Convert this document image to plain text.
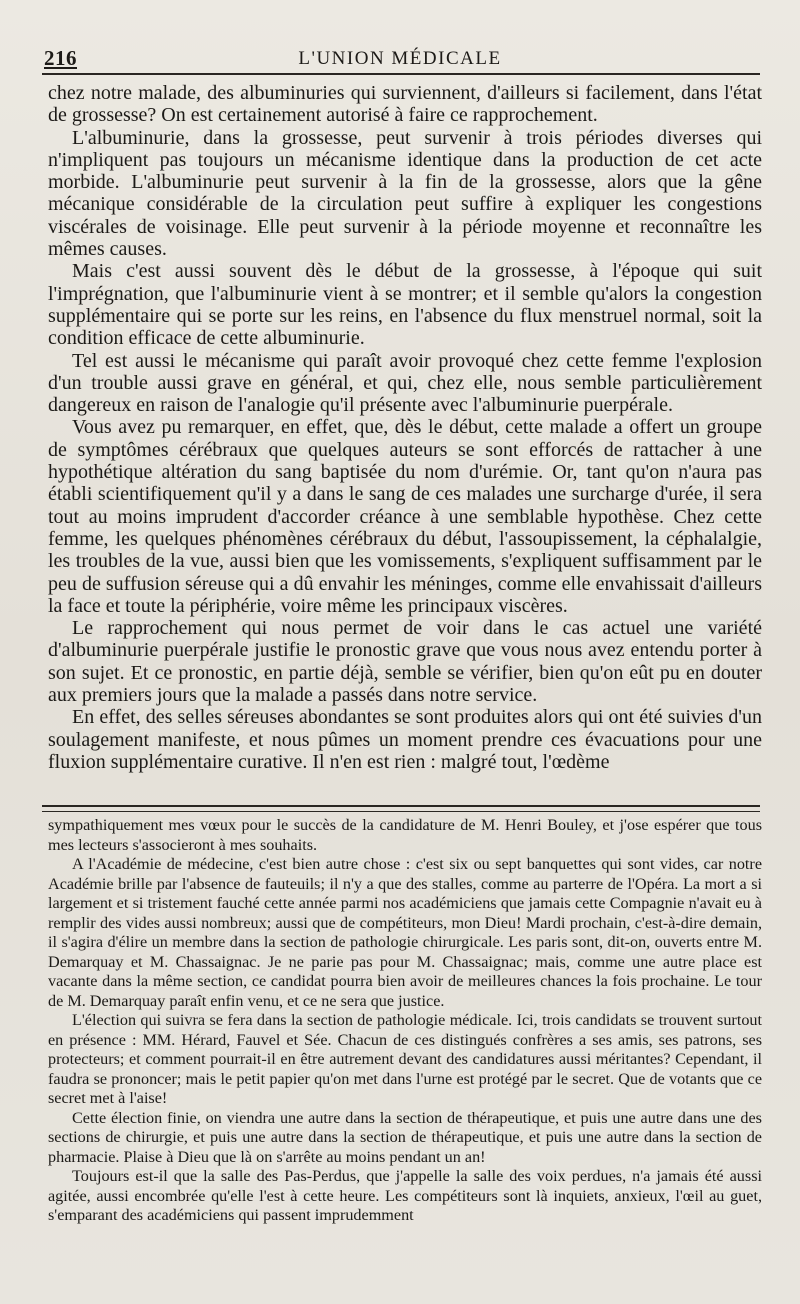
216	L'UNION MÉDICALE

chez notre malade, des albuminuries qui surviennent, d'ailleurs si facilement, dans l'état de grossesse? On est certainement autorisé à faire ce rapprochement.

L'albuminurie, dans la grossesse, peut survenir à trois périodes diverses qui n'impliquent pas toujours un mécanisme identique dans la production de cet acte morbide. L'albuminurie peut survenir à la fin de la grossesse, alors que la gêne mécanique considérable de la circulation peut suffire à expliquer les congestions viscérales de voisinage. Elle peut survenir à la période moyenne et reconnaître les mêmes causes.

Mais c'est aussi souvent dès le début de la grossesse, à l'époque qui suit l'imprégnation, que l'albuminurie vient à se montrer; et il semble qu'alors la congestion supplémentaire qui se porte sur les reins, en l'absence du flux menstruel normal, soit la condition efficace de cette albuminurie.

Tel est aussi le mécanisme qui paraît avoir provoqué chez cette femme l'explosion d'un trouble aussi grave en général, et qui, chez elle, nous semble particulièrement dangereux en raison de l'analogie qu'il présente avec l'albuminurie puerpérale.

Vous avez pu remarquer, en effet, que, dès le début, cette malade a offert un groupe de symptômes cérébraux que quelques auteurs se sont efforcés de rattacher à une hypothétique altération du sang baptisée du nom d'urémie. Or, tant qu'on n'aura pas établi scientifiquement qu'il y a dans le sang de ces malades une surcharge d'urée, il sera tout au moins imprudent d'accorder créance à une semblable hypothèse. Chez cette femme, les quelques phénomènes cérébraux du début, l'assoupissement, la céphalalgie, les troubles de la vue, aussi bien que les vomissements, s'expliquent suffisamment par le peu de suffusion séreuse qui a dû envahir les méninges, comme elle envahissait d'ailleurs la face et toute la périphérie, voire même les principaux viscères.

Le rapprochement qui nous permet de voir dans le cas actuel une variété d'albuminurie puerpérale justifie le pronostic grave que vous nous avez entendu porter à son sujet. Et ce pronostic, en partie déjà, semble se vérifier, bien qu'on eût pu en douter aux premiers jours que la malade a passés dans notre service.

En effet, des selles séreuses abondantes se sont produites alors qui ont été suivies d'un soulagement manifeste, et nous pûmes un moment prendre ces évacuations pour une fluxion supplémentaire curative. Il n'en est rien : malgré tout, l'œdème

sympathiquement mes vœux pour le succès de la candidature de M. Henri Bouley, et j'ose espérer que tous mes lecteurs s'associeront à mes souhaits.

A l'Académie de médecine, c'est bien autre chose : c'est six ou sept banquettes qui sont vides, car notre Académie brille par l'absence de fauteuils; il n'y a que des stalles, comme au parterre de l'Opéra. La mort a si largement et si tristement fauché cette année parmi nos académiciens que jamais cette Compagnie n'avait eu à remplir des vides aussi nombreux; aussi que de compétiteurs, mon Dieu! Mardi prochain, c'est-à-dire demain, il s'agira d'élire un membre dans la section de pathologie chirurgicale. Les paris sont, dit-on, ouverts entre M. Demarquay et M. Chassaignac. Je ne parie pas pour M. Chassaignac; mais, comme une autre place est vacante dans la même section, ce candidat pourra bien avoir de meilleures chances la fois prochaine. Le tour de M. Demarquay paraît enfin venu, et ce ne sera que justice.

L'élection qui suivra se fera dans la section de pathologie médicale. Ici, trois candidats se trouvent surtout en présence : MM. Hérard, Fauvel et Sée. Chacun de ces distingués confrères a ses amis, ses patrons, ses protecteurs; et comment pourrait-il en être autrement devant des candidatures aussi méritantes? Cependant, il faudra se prononcer; mais le petit papier qu'on met dans l'urne est protégé par le secret. Que de votants que ce secret met à l'aise!

Cette élection finie, on viendra une autre dans la section de thérapeutique, et puis une autre dans une des sections de chirurgie, et puis une autre dans la section de thérapeutique, et puis une autre dans la section de pharmacie. Plaise à Dieu que là on s'arrête au moins pendant un an!

Toujours est-il que la salle des Pas-Perdus, que j'appelle la salle des voix perdues, n'a jamais été aussi agitée, aussi encombrée qu'elle l'est à cette heure. Les compétiteurs sont là inquiets, anxieux, l'œil au guet, s'emparant des académiciens qui passent imprudemment
